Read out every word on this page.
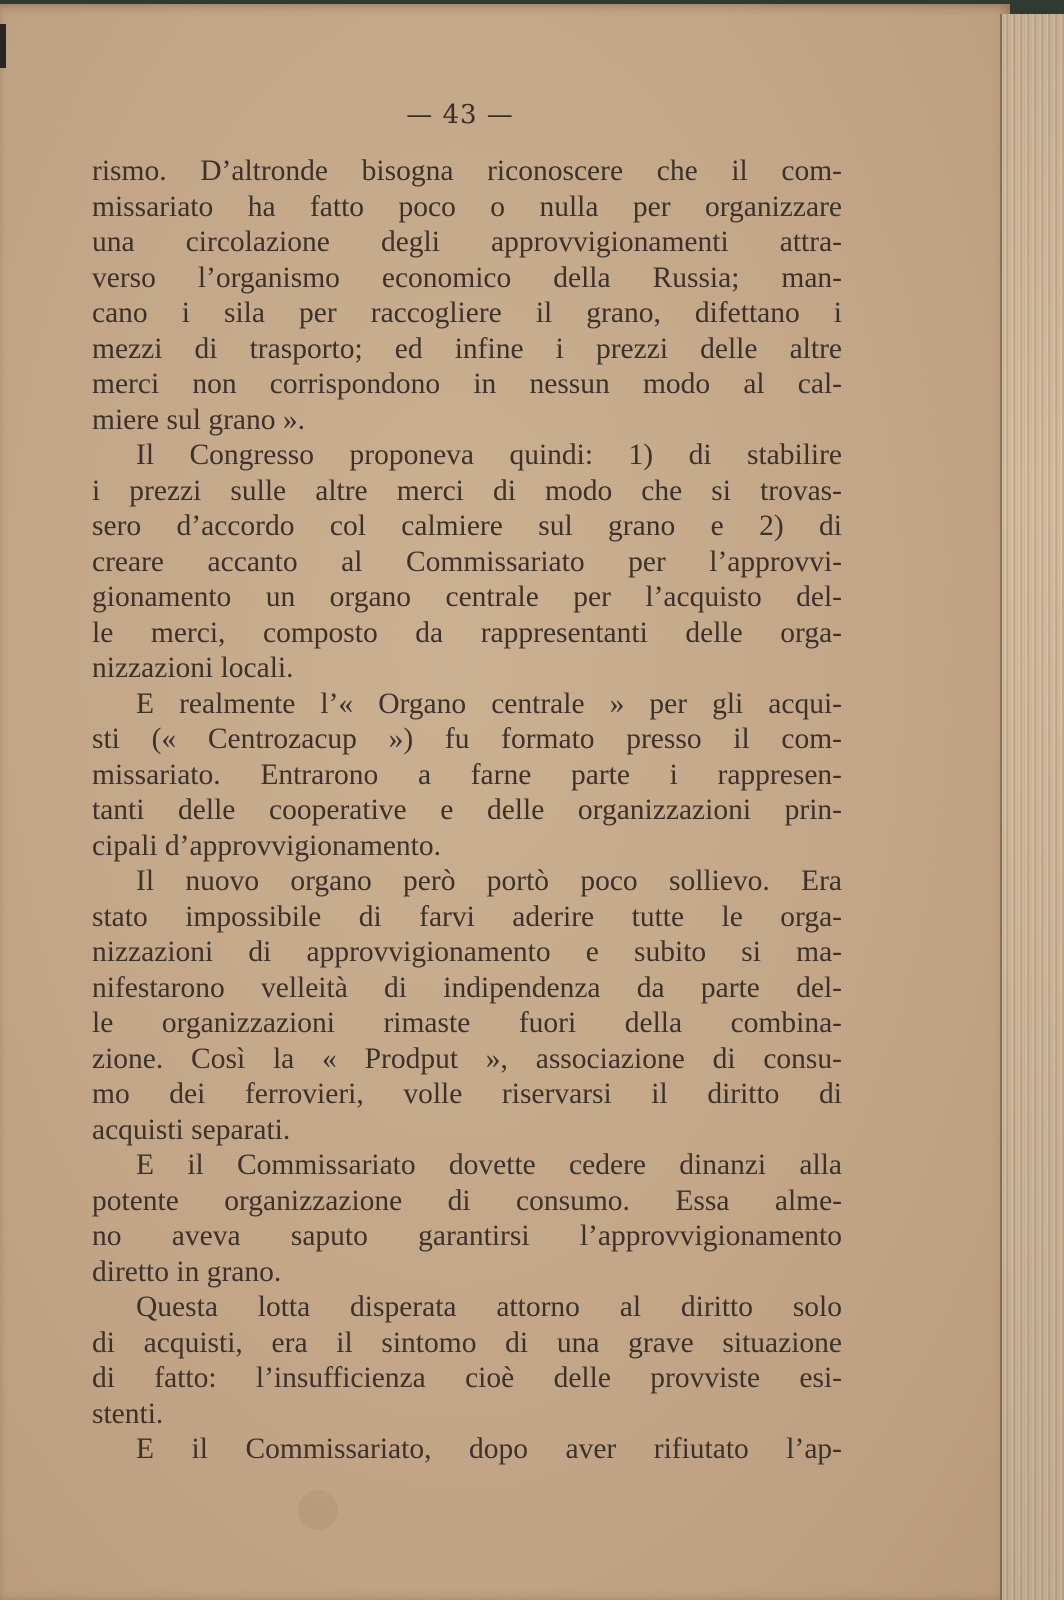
— 43 —
rismo. D’altronde bisogna riconoscere che il com-
missariato ha fatto poco o nulla per organizzare
una circolazione degli approvvigionamenti attra-
verso l’organismo economico della Russia; man-
cano i sila per raccogliere il grano, difettano i
mezzi di trasporto; ed infine i prezzi delle altre
merci non corrispondono in nessun modo al cal-
miere sul grano ».
Il Congresso proponeva quindi: 1) di stabilire
i prezzi sulle altre merci di modo che si trovas-
sero d’accordo col calmiere sul grano e 2) di
creare accanto al Commissariato per l’approvvi-
gionamento un organo centrale per l’acquisto del-
le merci, composto da rappresentanti delle orga-
nizzazioni locali.
E realmente l’« Organo centrale » per gli acqui-
sti (« Centrozacup ») fu formato presso il com-
missariato. Entrarono a farne parte i rappresen-
tanti delle cooperative e delle organizzazioni prin-
cipali d’approvvigionamento.
Il nuovo organo però portò poco sollievo. Era
stato impossibile di farvi aderire tutte le orga-
nizzazioni di approvvigionamento e subito si ma-
nifestarono velleità di indipendenza da parte del-
le organizzazioni rimaste fuori della combina-
zione. Così la « Prodput », associazione di consu-
mo dei ferrovieri, volle riservarsi il diritto di
acquisti separati.
E il Commissariato dovette cedere dinanzi alla
potente organizzazione di consumo. Essa alme-
no aveva saputo garantirsi l’approvvigionamento
diretto in grano.
Questa lotta disperata attorno al diritto solo
di acquisti, era il sintomo di una grave situazione
di fatto: l’insufficienza cioè delle provviste esi-
stenti.
E il Commissariato, dopo aver rifiutato l’ap-
